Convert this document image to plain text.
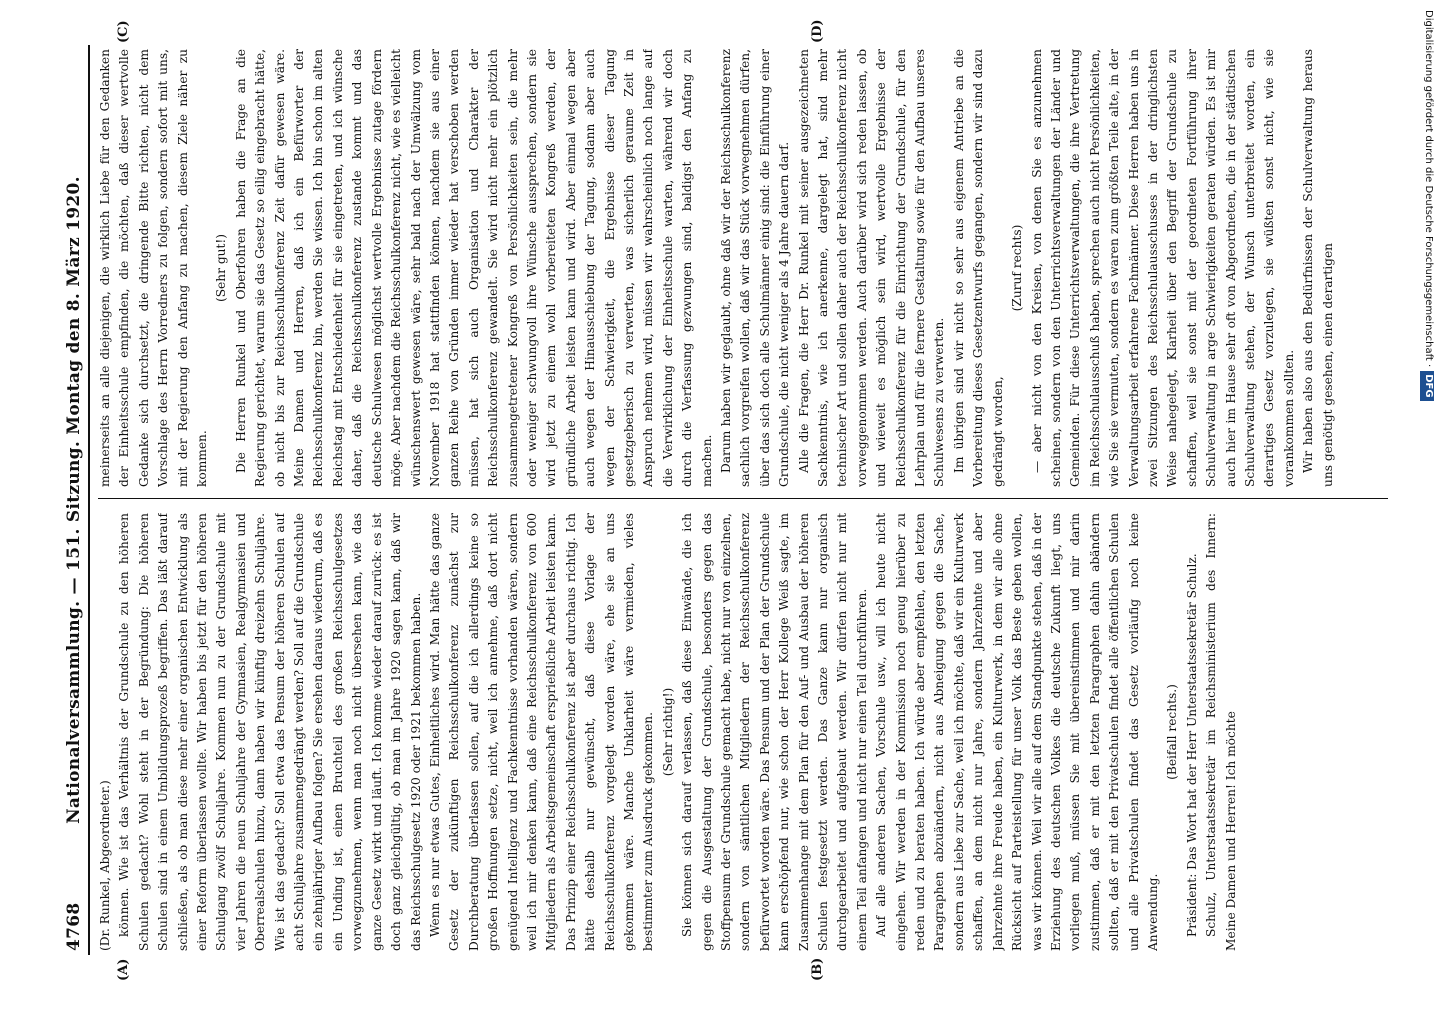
4768
Nationalversammlung. — 151. Sitzung. Montag den 8. März 1920.

(Dr. Runkel, Abgeordneter.) können. Wie ist das Verhältnis der Grundschule zu den höheren Schulen gedacht? Wohl steht in der Begründung: Die höheren Schulen sind in einem Umbildungsprozeß begriffen. Das läßt darauf schließen, als ob man diese mehr einer organischen Entwicklung als einer Reform überlassen wollte. Wir haben bis jetzt für den höheren Schulgang zwölf Schuljahre. Kommen nun zu der Grundschule mit vier Jahren die neun Schuljahre der Gymnasien, Realgymnasien und Oberrealschulen hinzu, dann haben wir künftig dreizehn Schuljahre. Wie ist das gedacht? Soll etwa das Pensum der höheren Schulen auf acht Schuljahre zusammengedrängt werden? Soll auf die Grundschule ein zehnjähriger Aufbau folgen? Sie ersehen daraus wiederum, daß es ein Unding ist, einen Bruchteil des großen Reichsschulgesetzes vorwegzunehmen, wenn man noch nicht übersehen kann, wie das ganze Gesetz wirkt und läuft. Ich komme wieder darauf zurück: es ist doch ganz gleichgültig, ob man im Jahre 1920 sagen kann, daß wir das Reichsschulgesetz 1920 oder 1921 bekommen haben. Wenn es nur etwas Gutes, Einheitliches wird. Man hätte das ganze Gesetz der zukünftigen Reichsschulkonferenz zunächst zur Durchberatung überlassen sollen, auf die ich allerdings keine so großen Hoffnungen setze, nicht, weil ich annehme, daß dort nicht genügend Intelligenz und Fachkenntnisse vorhanden wären, sondern weil ich mir denken kann, daß eine Reichsschulkonferenz von 600 Mitgliedern als Arbeitsgemeinschaft ersprießliche Arbeit leisten kann. Das Prinzip einer Reichsschulkonferenz ist aber durchaus richtig. Ich hätte deshalb nur gewünscht, daß diese Vorlage der Reichsschulkonferenz vorgelegt worden wäre, ehe sie an uns gekommen wäre. Manche Unklarheit wäre vermieden, vieles bestimmter zum Ausdruck gekommen. (Sehr richtig!) Sie können sich darauf verlassen, daß diese Einwände, die ich gegen die Ausgestaltung der Grundschule, besonders gegen das Stoffpensum der Grundschule gemacht habe, nicht nur von einzelnen, sondern von sämtlichen Mitgliedern der Reichsschulkonferenz befürwortet worden wäre. Das Pensum und der Plan der Grundschule kann erschöpfend nur, wie schon der Herr Kollege Weiß sagte, im Zusammenhange mit dem Plan für den Auf- und Ausbau der höheren Schulen festgesetzt werden. Das Ganze kann nur organisch durchgearbeitet und aufgebaut werden. Wir dürfen nicht nur mit einem Teil anfangen und nicht nur einen Teil durchführen. Auf alle anderen Sachen, Vorschule usw., will ich heute nicht eingehen. Wir werden in der Kommission noch genug hierüber zu reden und zu beraten haben. Ich würde aber empfehlen, den letzten Paragraphen abzuändern, nicht aus Abneigung gegen die Sache, sondern aus Liebe zur Sache, weil ich möchte, daß wir ein Kulturwerk schaffen, an dem nicht nur Jahre, sondern Jahrzehnte und aber Jahrzehnte ihre Freude haben, ein Kulturwerk, in dem wir alle ohne Rücksicht auf Parteistellung für unser Volk das Beste geben wollen, was wir können. Weil wir alle auf dem Standpunkte stehen, daß in der Erziehung des deutschen Volkes die deutsche Zukunft liegt, uns vorliegen muß, müssen Sie mit übereinstimmen und mir darin zustimmen, daß er mit den letzten Paragraphen dahin abändern sollten, daß er mit den Privatschulen findet alle öffentlichen Schulen und alle Privatschulen findet das Gesetz vorläufig noch keine Anwendung.

(Beifall rechts.) Präsident: Das Wort hat der Herr Unterstaatssekretär Schulz. Schulz, Unterstaatssekretär im Reichsministerium des Innern: Meine Damen und Herren! Ich möchte

meinerseits an alle diejenigen, die wirklich Liebe für den Gedanken der Einheitsschule empfinden, die möchten, daß dieser wertvolle Gedanke sich durchsetzt, die dringende Bitte richten, nicht dem Vorschlage des Herrn Vorredners zu folgen, sondern sofort mit uns, mit der Regierung den Anfang zu machen, diesem Ziele näher zu kommen.

(Sehr gut!) Die Herren Runkel und Oberfohren haben die Frage an die Regierung gerichtet, warum sie das Gesetz so eilig eingebracht hätte, ob nicht bis zur Reichsschulkonferenz Zeit dafür gewesen wäre. Meine Damen und Herren, daß ich ein Befürworter der Reichsschulkonferenz bin, werden Sie wissen. Ich bin schon im alten Reichstag mit Entschiedenheit für sie eingetreten, und ich wünsche daher, daß die Reichsschulkonferenz zustande kommt und das deutsche Schulwesen möglichst wertvolle Ergebnisse zutage fördern möge. Aber nachdem die Reichsschulkonferenz nicht, wie es vielleicht wünschenswert gewesen wäre, sehr bald nach der Umwälzung vom November 1918 hat stattfinden können, nachdem sie aus einer ganzen Reihe von Gründen immer wieder hat verschoben werden müssen, hat sich auch Organisation und Charakter der Reichsschulkonferenz gewandelt. Sie wird nicht mehr ein plötzlich zusammengetretener Kongreß von Persönlichkeiten sein, die mehr oder weniger schwungvoll ihre Wünsche aussprechen, sondern sie wird jetzt zu einem wohl vorbereiteten Kongreß werden, der gründliche Arbeit leisten kann und wird. Aber einmal wegen aber auch wegen der Hinausschiebung der Tagung, sodann aber auch wegen der Schwierigkeit, die Ergebnisse dieser Tagung gesetzgeberisch zu verwerten, was sicherlich geraume Zeit in Anspruch nehmen wird, müssen wir wahrscheinlich noch lange auf die Verwirklichung der Einheitsschule warten, während wir doch durch die Verfassung gezwungen sind, baldigst den Anfang zu machen. Darum haben wir geglaubt, ohne daß wir der Reichsschulkonferenz sachlich vorgreifen wollen, daß wir das Stück vorwegnehmen dürfen, über das sich doch alle Schulmänner einig sind: die Einführung einer Grundschule, die nicht weniger als 4 Jahre dauern darf. Alle die Fragen, die Herr Dr. Runkel mit seiner ausgezeichneten Sachkenntnis, wie ich anerkenne, dargelegt hat, sind mehr technischer Art und sollen daher auch der Reichsschulkonferenz nicht vorweggenommen werden. Auch darüber wird sich reden lassen, ob und wieweit es möglich sein wird, wertvolle Ergebnisse der Reichsschulkonferenz für die Einrichtung der Grundschule, für den Lehrplan und für die fernere Gestaltung sowie für den Aufbau unseres Schulwesens zu verwerten. Im übrigen sind wir nicht so sehr aus eigenem Antriebe an die Vorbereitung dieses Gesetzentwurfs gegangen, sondern wir sind dazu gedrängt worden,

(Zuruf rechts) — aber nicht von den Kreisen, von denen Sie es anzunehmen scheinen, sondern von den Unterrichtsverwaltungen der Länder und Gemeinden. Für diese Unterrichtsverwaltungen, die ihre Vertretung im Reichsschulausschuß haben, sprechen auch nicht Persönlichkeiten, wie Sie sie vermuten, sondern es waren zum größten Teile alte, in der Verwaltungsarbeit erfahrene Fachmänner. Diese Herren haben uns in zwei Sitzungen des Reichsschulausschusses in der dringlichsten Weise nahegelegt, Klarheit über den Begriff der Grundschule zu schaffen, weil sie sonst mit der geordneten Fortführung ihrer Schulverwaltung in arge Schwierigkeiten geraten würden. Es ist mir auch hier im Hause sehr oft von Abgeordneten, die in der städtischen Schulverwaltung stehen, der Wunsch unterbreitet worden, ein derartiges Gesetz vorzulegen, sie wüßten sonst nicht, wie sie vorankommen sollten. Wir haben also aus den Bedürfnissen der Schulverwaltung heraus uns genötigt gesehen, einen derartigen

(A)	(B)
(C)	(D)	Digitalisierung gefördert durch die Deutsche Forschungsgemeinschaft ·DFG
